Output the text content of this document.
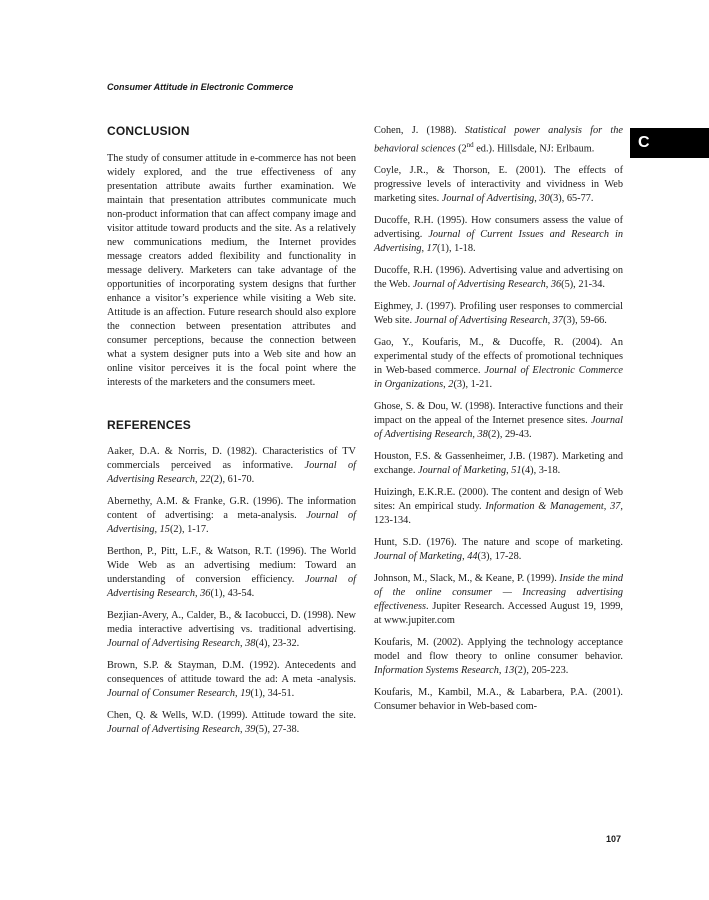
Consumer Attitude in Electronic Commerce
C
CONCLUSION

The study of consumer attitude in e-commerce has not been widely explored, and the true effectiveness of any presentation attribute awaits further examination. We maintain that presentation attributes communicate much non-product information that can affect company image and visitor attitude toward products and the site. As a relatively new communications medium, the Internet provides message creators added flexibility and functionality in message delivery. Marketers can take advantage of the opportunities of incorporating system designs that further enhance a visitor’s experience while visiting a Web site. Attitude is an affection. Future research should also explore the connection between presentation attributes and consumer perceptions, because the connection between what a system designer puts into a Web site and how an online visitor perceives it is the focal point where the interests of the marketers and the consumers meet.

REFERENCES

Aaker, D.A. & Norris, D. (1982). Characteristics of TV commercials perceived as informative. Journal of Advertising Research, 22(2), 61-70.

Abernethy, A.M. & Franke, G.R. (1996). The information content of advertising: a meta-analysis. Journal of Advertising, 15(2), 1-17.

Berthon, P., Pitt, L.F., & Watson, R.T. (1996). The World Wide Web as an advertising medium: Toward an understanding of conversion efficiency. Journal of Advertising Research, 36(1), 43-54.

Bezjian-Avery, A., Calder, B., & Iacobucci, D. (1998). New media interactive advertising vs. traditional advertising. Journal of Advertising Research, 38(4), 23-32.

Brown, S.P. & Stayman, D.M. (1992). Antecedents and consequences of attitude toward the ad: A meta -analysis. Journal of Consumer Research, 19(1), 34-51.

Chen, Q. & Wells, W.D. (1999). Attitude toward the site. Journal of Advertising Research, 39(5), 27-38.

Cohen, J. (1988). Statistical power analysis for the behavioral sciences (2nd ed.). Hillsdale, NJ: Erlbaum.

Coyle, J.R., & Thorson, E. (2001). The effects of progressive levels of interactivity and vividness in Web marketing sites. Journal of Advertising, 30(3), 65-77.

Ducoffe, R.H. (1995). How consumers assess the value of advertising. Journal of Current Issues and Research in Advertising, 17(1), 1-18.

Ducoffe, R.H. (1996). Advertising value and advertising on the Web. Journal of Advertising Research, 36(5), 21-34.

Eighmey, J. (1997). Profiling user responses to commercial Web site. Journal of Advertising Research, 37(3), 59-66.

Gao, Y., Koufaris, M., & Ducoffe, R. (2004). An experimental study of the effects of promotional techniques in Web-based commerce. Journal of Electronic Commerce in Organizations, 2(3), 1-21.

Ghose, S. & Dou, W. (1998). Interactive functions and their impact on the appeal of the Internet presence sites. Journal of Advertising Research, 38(2), 29-43.

Houston, F.S. & Gassenheimer, J.B. (1987). Marketing and exchange. Journal of Marketing, 51(4), 3-18.

Huizingh, E.K.R.E. (2000). The content and design of Web sites: An empirical study. Information & Management, 37, 123-134.

Hunt, S.D. (1976). The nature and scope of marketing. Journal of Marketing, 44(3), 17-28.

Johnson, M., Slack, M., & Keane, P. (1999). Inside the mind of the online consumer — Increasing advertising effectiveness. Jupiter Research. Accessed August 19, 1999, at www.jupiter.com

Koufaris, M. (2002). Applying the technology acceptance model and flow theory to online consumer behavior. Information Systems Research, 13(2), 205-223.

Koufaris, M., Kambil, M.A., & Labarbera, P.A. (2001). Consumer behavior in Web-based com-

107
